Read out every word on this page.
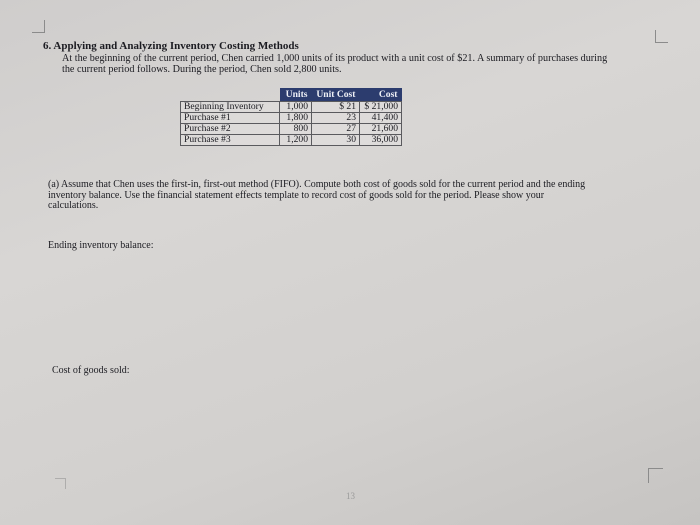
6. Applying and Analyzing Inventory Costing Methods
At the beginning of the current period, Chen carried 1,000 units of its product with a unit cost of $21. A summary of purchases during
the current period follows. During the period, Chen sold 2,800 units.
	Units	Unit Cost	Cost
Beginning Inventory	1,000	$ 21	$ 21,000
Purchase #1	1,800	23	41,400
Purchase #2	800	27	21,600
Purchase #3	1,200	30	36,000
(a) Assume that Chen uses the first-in, first-out method (FIFO). Compute both cost of goods sold for the current period and the ending
inventory balance. Use the financial statement effects template to record cost of goods sold for the period. Please show your
calculations.
Ending inventory balance:
Cost of goods sold:
13
